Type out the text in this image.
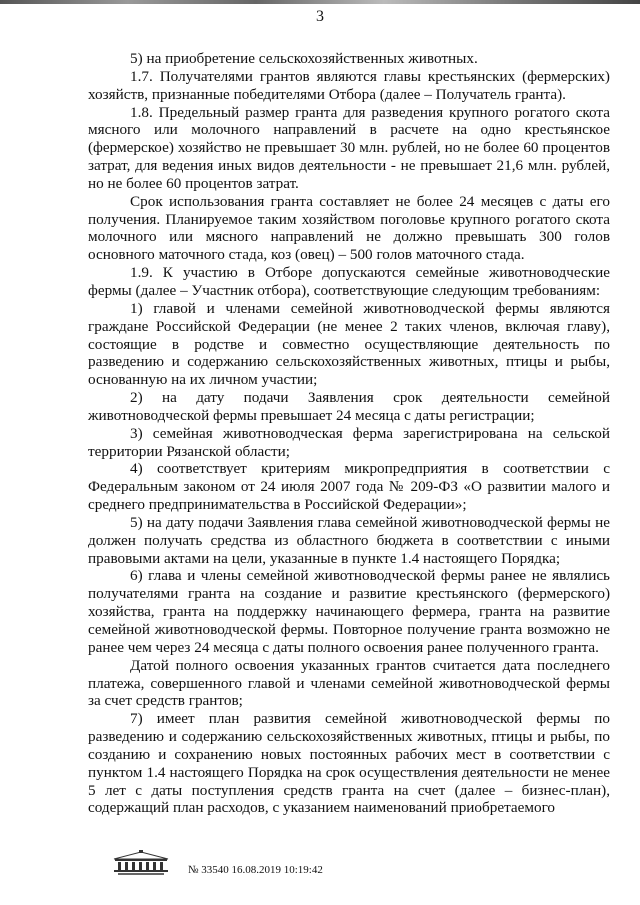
3

5) на приобретение сельскохозяйственных животных.

1.7. Получателями грантов являются главы крестьянских (фермерских) хозяйств, признанные победителями Отбора (далее – Получатель гранта).

1.8. Предельный размер гранта для разведения крупного рогатого скота мясного или молочного направлений в расчете на одно крестьянское (фермерское) хозяйство не превышает 30 млн. рублей, но не более 60 процентов затрат, для ведения иных видов деятельности - не превышает 21,6 млн. рублей, но не более 60 процентов затрат.

Срок использования гранта составляет не более 24 месяцев с даты его получения. Планируемое таким хозяйством поголовье крупного рогатого скота молочного или мясного направлений не должно превышать 300 голов основного маточного стада, коз (овец) – 500 голов маточного стада.

1.9. К участию в Отборе допускаются семейные животноводческие фермы (далее – Участник отбора), соответствующие следующим требованиям:

1) главой и членами семейной животноводческой фермы являются граждане Российской Федерации (не менее 2 таких членов, включая главу), состоящие в родстве и совместно осуществляющие деятельность по разведению и содержанию сельскохозяйственных животных, птицы и рыбы, основанную на их личном участии;

2) на дату подачи Заявления срок деятельности семейной животноводческой фермы превышает 24 месяца с даты регистрации;

3) семейная животноводческая ферма зарегистрирована на сельской территории Рязанской области;

4) соответствует критериям микропредприятия в соответствии с Федеральным законом от 24 июля 2007 года № 209-ФЗ «О развитии малого и среднего предпринимательства в Российской Федерации»;

5) на дату подачи Заявления глава семейной животноводческой фермы не должен получать средства из областного бюджета в соответствии с иными правовыми актами на цели, указанные в пункте 1.4 настоящего Порядка;

6) глава и члены семейной животноводческой фермы ранее не являлись получателями гранта на создание и развитие крестьянского (фермерского) хозяйства, гранта на поддержку начинающего фермера, гранта на развитие семейной животноводческой фермы. Повторное получение гранта возможно не ранее чем через 24 месяца с даты полного освоения ранее полученного гранта.

Датой полного освоения указанных грантов считается дата последнего платежа, совершенного главой и членами семейной животноводческой фермы за счет средств грантов;

7) имеет план развития семейной животноводческой фермы по разведению и содержанию сельскохозяйственных животных, птицы и рыбы, по созданию и сохранению новых постоянных рабочих мест в соответствии с пунктом 1.4 настоящего Порядка на срок осуществления деятельности не менее 5 лет с даты поступления средств гранта на счет (далее – бизнес-план), содержащий план расходов, с указанием наименований приобретаемого

№ 33540 16.08.2019 10:19:42
